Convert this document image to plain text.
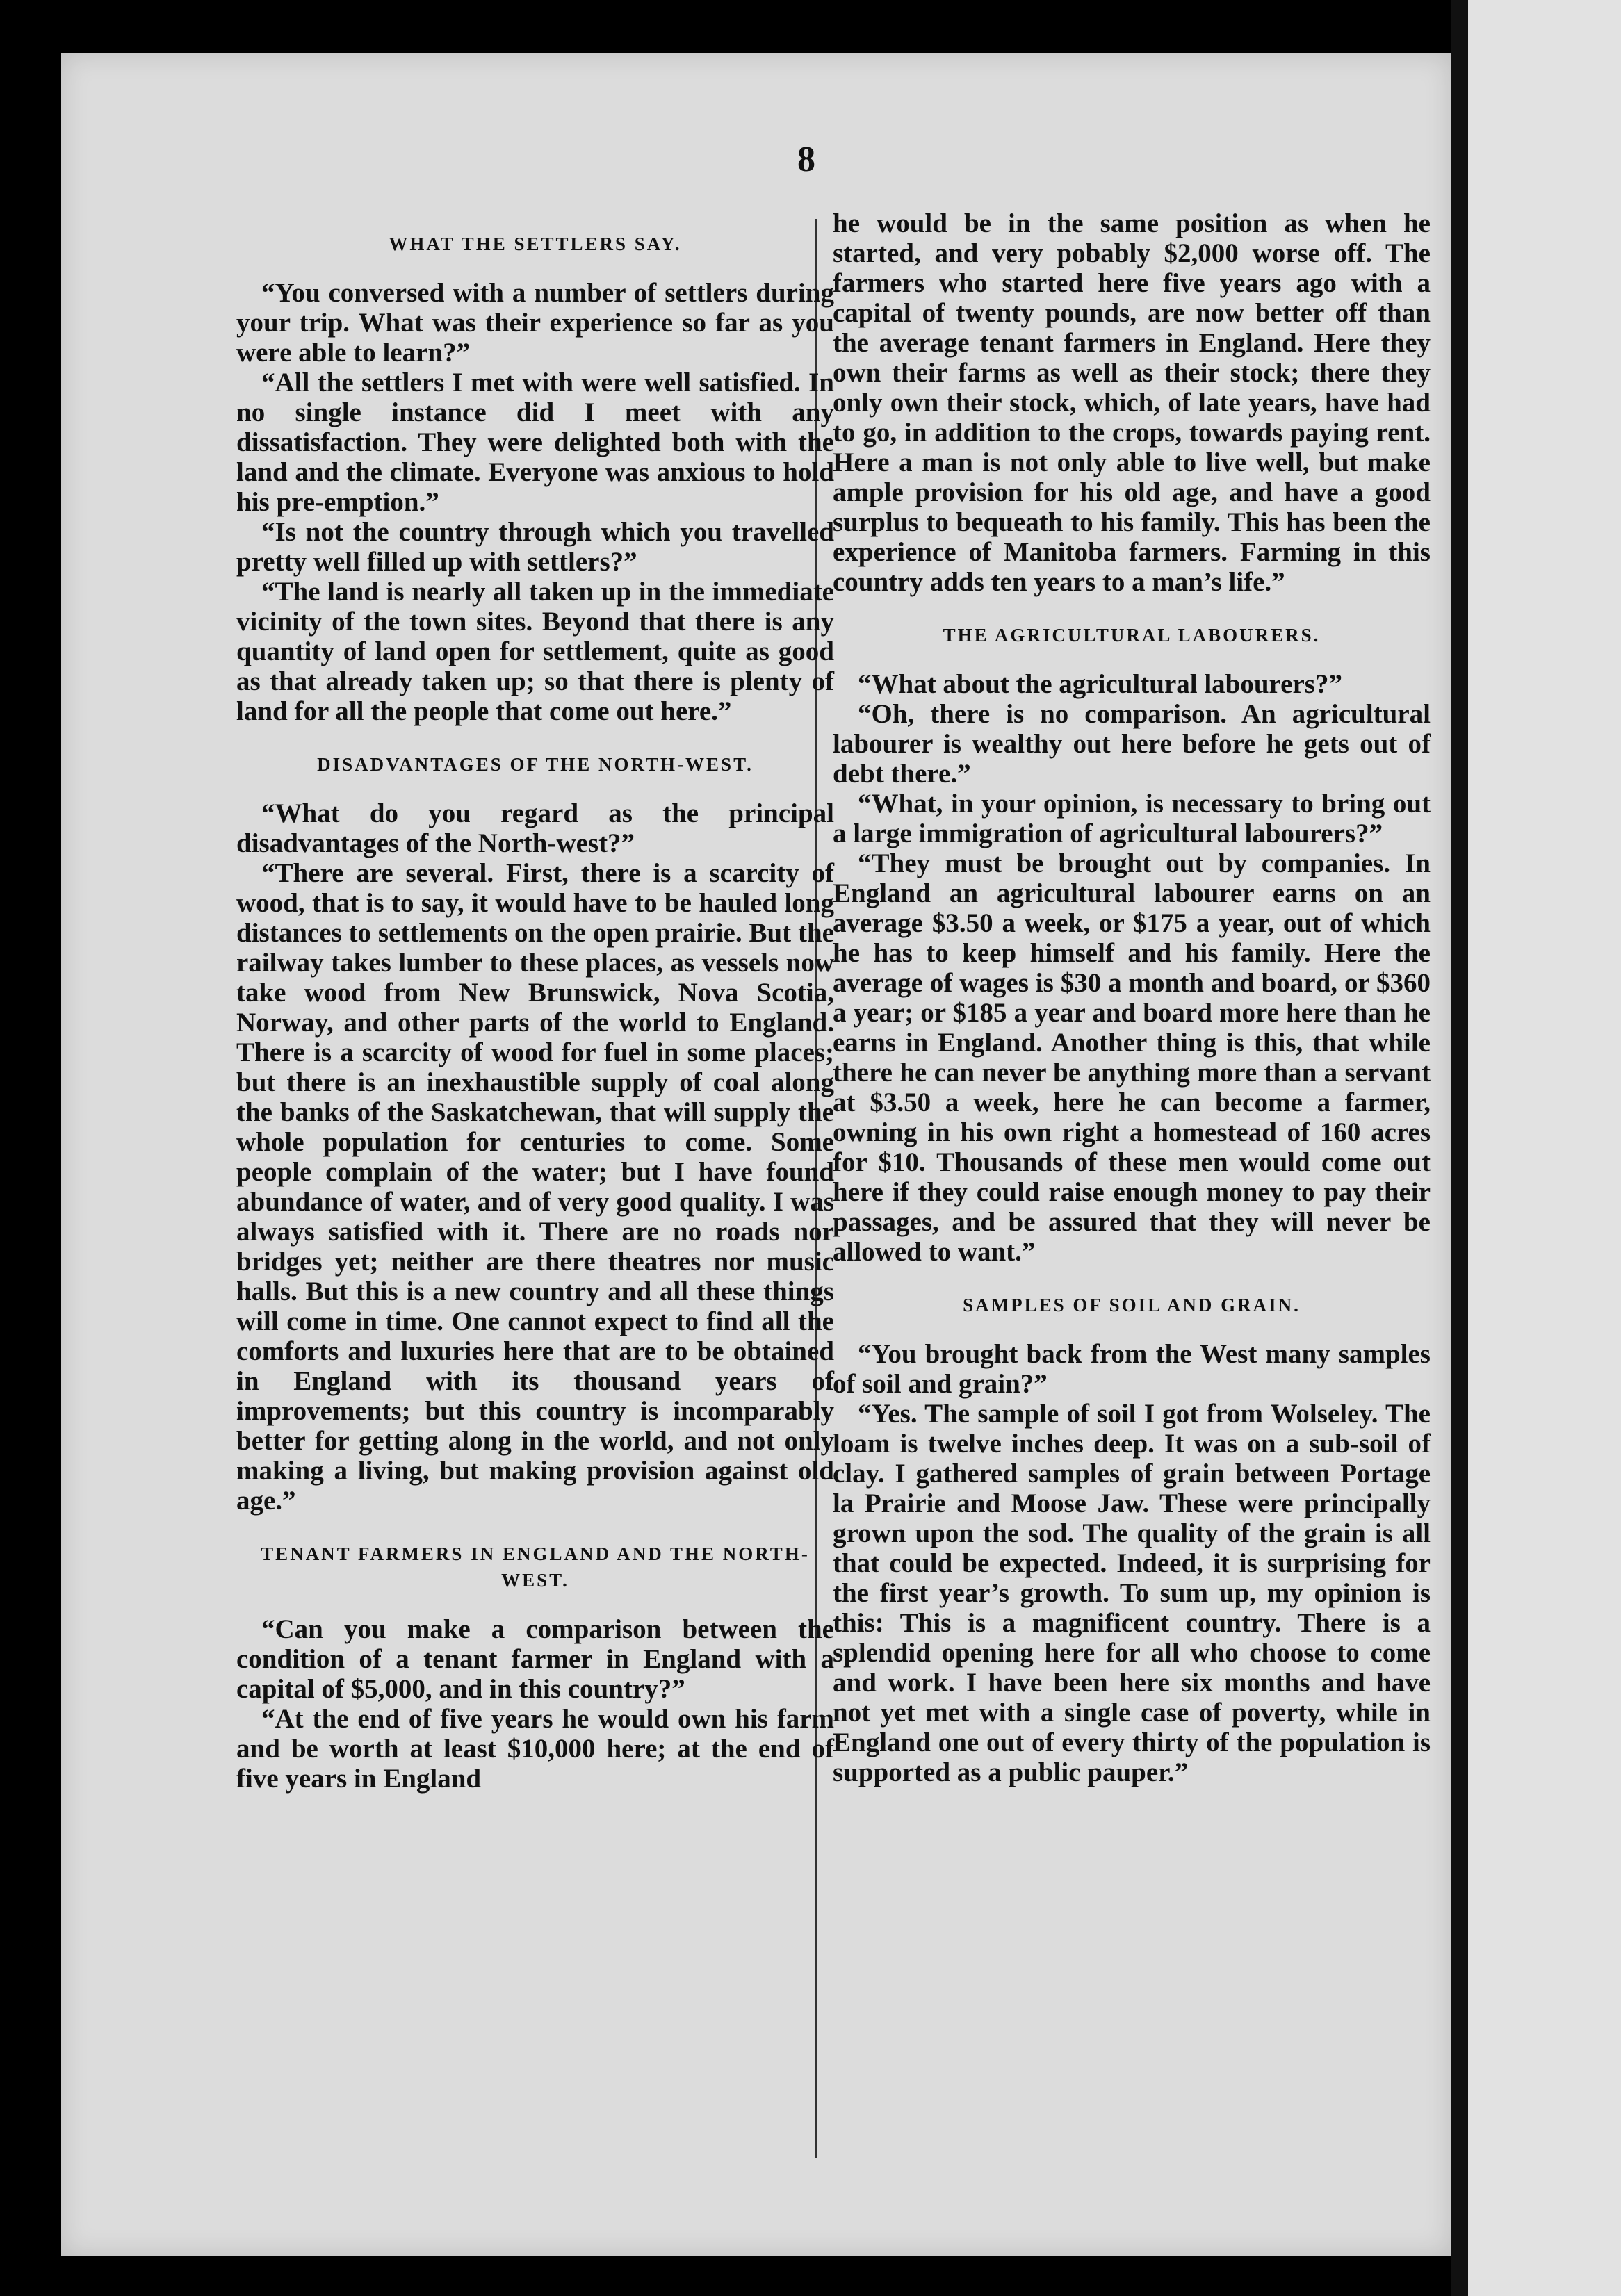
8
WHAT THE SETTLERS SAY.

“You conversed with a number of settlers during your trip. What was their experience so far as you were able to learn?”

“All the settlers I met with were well satisfied. In no single instance did I meet with any dissatisfaction. They were delighted both with the land and the climate. Everyone was anxious to hold his pre-emption.”

“Is not the country through which you travelled pretty well filled up with settlers?”

“The land is nearly all taken up in the immediate vicinity of the town sites. Beyond that there is any quantity of land open for settlement, quite as good as that already taken up; so that there is plenty of land for all the people that come out here.”

DISADVANTAGES OF THE NORTH-WEST.

“What do you regard as the principal disadvantages of the North-west?”

“There are several. First, there is a scarcity of wood, that is to say, it would have to be hauled long distances to settlements on the open prairie. But the railway takes lumber to these places, as vessels now take wood from New Brunswick, Nova Scotia, Norway, and other parts of the world to England. There is a scarcity of wood for fuel in some places; but there is an inexhaustible supply of coal along the banks of the Saskatchewan, that will supply the whole population for centuries to come. Some people complain of the water; but I have found abundance of water, and of very good quality. I was always satisfied with it. There are no roads nor bridges yet; neither are there theatres nor music halls. But this is a new country and all these things will come in time. One cannot expect to find all the comforts and luxuries here that are to be obtained in England with its thousand years of improvements; but this country is incomparably better for getting along in the world, and not only making a living, but making provision against old age.”

TENANT FARMERS IN ENGLAND AND THE NORTH-WEST.

“Can you make a comparison between the condition of a tenant farmer in England with a capital of $5,000, and in this country?”

“At the end of five years he would own his farm and be worth at least $10,000 here; at the end of five years in England

he would be in the same position as when he started, and very pobably $2,000 worse off. The farmers who started here five years ago with a capital of twenty pounds, are now better off than the average tenant farmers in England. Here they own their farms as well as their stock; there they only own their stock, which, of late years, have had to go, in addition to the crops, towards paying rent. Here a man is not only able to live well, but make ample provision for his old age, and have a good surplus to bequeath to his family. This has been the experience of Manitoba farmers. Farming in this country adds ten years to a man’s life.”

THE AGRICULTURAL LABOURERS.

“What about the agricultural labourers?”

“Oh, there is no comparison. An agricultural labourer is wealthy out here before he gets out of debt there.”

“What, in your opinion, is necessary to bring out a large immigration of agricultural labourers?”

“They must be brought out by companies. In England an agricultural labourer earns on an average $3.50 a week, or $175 a year, out of which he has to keep himself and his family. Here the average of wages is $30 a month and board, or $360 a year; or $185 a year and board more here than he earns in England. Another thing is this, that while there he can never be anything more than a servant at $3.50 a week, here he can become a farmer, owning in his own right a homestead of 160 acres for $10. Thousands of these men would come out here if they could raise enough money to pay their passages, and be assured that they will never be allowed to want.”

SAMPLES OF SOIL AND GRAIN.

“You brought back from the West many samples of soil and grain?”

“Yes. The sample of soil I got from Wolseley. The loam is twelve inches deep. It was on a sub-soil of clay. I gathered samples of grain between Portage la Prairie and Moose Jaw. These were principally grown upon the sod. The quality of the grain is all that could be expected. Indeed, it is surprising for the first year’s growth. To sum up, my opinion is this: This is a magnificent country. There is a splendid opening here for all who choose to come and work. I have been here six months and have not yet met with a single case of poverty, while in England one out of every thirty of the population is supported as a public pauper.”
